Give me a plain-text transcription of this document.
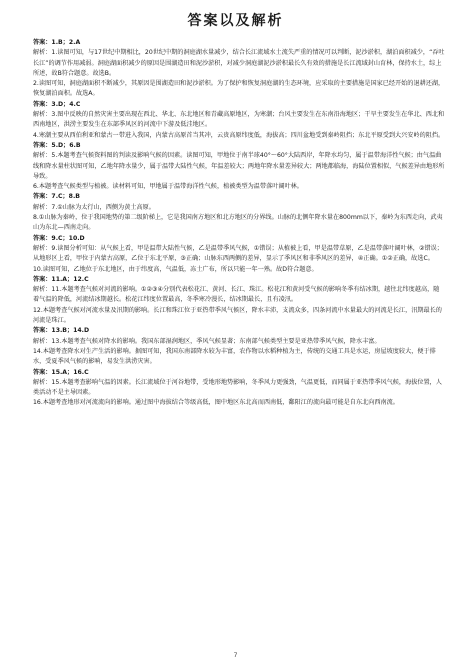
答案以及解析

答案：1.B；2.A

解析：1.读图可知，与17世纪中期相比，20世纪中期的洞庭湖水量减少，结合长江流域水土流失严重的情况可以判断，泥沙淤积，湖泊面积减少，“吞吐长江”的调节作用减弱。洞庭湖面积减少的原因是围湖造田和泥沙淤积，对减少洞庭湖泥沙淤积最长久有效的措施是长江流域封山育林，保持水土，综上所述，故B符合题意。故选B。

2.读图可知，洞庭湖面积不断减少，其原因是围湖造田和泥沙淤积。为了保护和恢复洞庭湖的生态环境，应采取的主要措施是国家已经开始的退耕还湖，恢复湖泊面积。故选A。

答案：3.D；4.C

解析：3.图中反映的自然灾害主要出现在西北、华北、东北地区和青藏高原地区，为寒潮；台风主要发生在东南沿海地区；干旱主要发生在华北、西北和西南地区，洪涝主要发生在东部季风区的河流中下游及低洼地区。

4.寒潮主要从西伯利亚和蒙古一带进入我国，内蒙古高原首当其冲，云贵高原纬度低，海拔高；四川盆地受到秦岭阻挡；东北平原受到大兴安岭的阻挡。

答案：5.D；6.B

解析：5.本题考查气候资料图的判读及影响气候的因素。读图可知，甲地位于南半球40°～60°大陆西岸，年降水均匀，属于温带海洋性气候；由气温曲线和降水量柱状图可知，乙地年降水量少，属于温带大陆性气候，年温差较大；两地年降水量差异较大；两地都临海，海陆位置相似，气候差异由地形所导致。

6.本题考查气候类型与植被。读材料可知，甲地属于温带海洋性气候，植被类型为温带落叶阔叶林。

答案：7.C；8.B

解析：7.①山脉为太行山，西侧为黄土高原。

8.①山脉为秦岭，位于我国地势的第二级阶梯上，它是我国南方地区和北方地区的分界线。山脉的北侧年降水量在800mm以下，秦岭为东西走向，武夷山为东北—西南走向。

答案：9.C；10.D

解析：9.读图分析可知：从气候上看，甲是温带大陆性气候，乙是温带季风气候，①错误；从植被上看，甲是温带草原，乙是温带落叶阔叶林，②错误；从地形区上看，甲位于内蒙古高原，乙位于东北平原，③正确；山脉东西两侧的差异，显示了季风区和非季风区的差异，④正确。①②正确，故选C。

10.读图可知，乙地位于东北地区，由于纬度高，气温低，冻土广布，所以只能一年一熟。故D符合题意。

答案：11.A；12.C

解析：11.本题考查气候对河流的影响。①②③④分别代表松花江、黄河、长江、珠江。松花江和黄河受气候的影响冬季有结冰期，越往北纬度越高，随着气温的降低，河流结冰期越长。松花江纬度位置最高，冬季寒冷漫长，结冰期最长，且有凌汛。

12.本题考查气候对河流水量及汛期的影响。长江和珠江位于亚热带季风气候区，降水丰沛，支流众多，四条河流中水量最大的河流是长江，汛期最长的河流是珠江。

答案：13.B；14.D

解析：13.本题考查气候对降水的影响。我国东部湿润地区，季风气候显著；东南部气候类型主要是亚热带季风气候，降水丰富。

14.本题考查降水对生产生活的影响。据图可知，我国东南部降水较为丰富，农作物以水稻种植为主，传统的交通工具是水运，房屋坡度较大，便于排水，受夏季风气候的影响，易发生洪涝灾害。

答案：15.A；16.C

解析：15.本题考查影响气温的因素。长江流域位于河谷地带，受地形地势影响，冬季风力更强劲，气温更低，而同属于亚热带季风气候，海拔位置，人类活动不是主导因素。

16.本题考查地形对河流流向的影响。通过图中海拔结合等级高低，图中地区东北高而西南低，鄱阳江的流向最可能是自东北向西南流。

7
